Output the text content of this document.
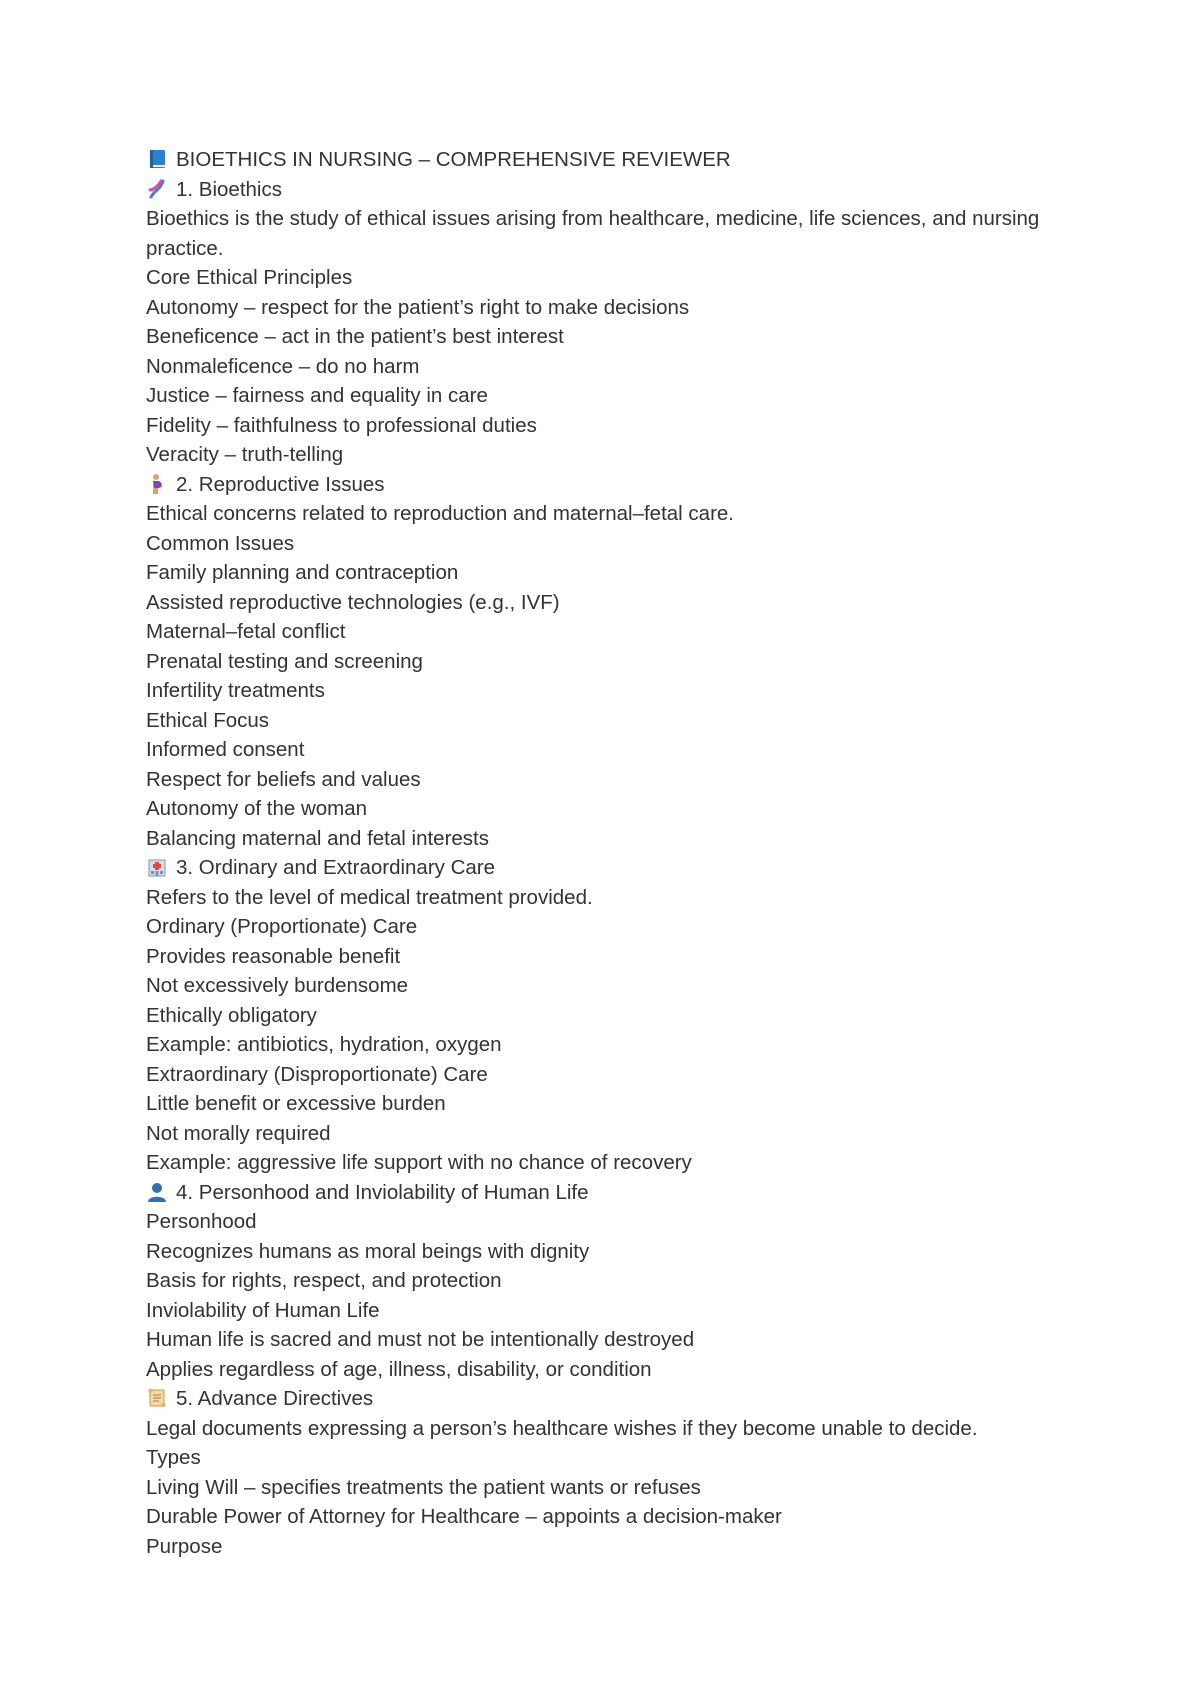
BIOETHICS IN NURSING – COMPREHENSIVE REVIEWER
1. Bioethics
Bioethics is the study of ethical issues arising from healthcare, medicine, life sciences, and nursing practice.
Core Ethical Principles
Autonomy – respect for the patient’s right to make decisions
Beneficence – act in the patient’s best interest
Nonmaleficence – do no harm
Justice – fairness and equality in care
Fidelity – faithfulness to professional duties
Veracity – truth-telling
2. Reproductive Issues
Ethical concerns related to reproduction and maternal–fetal care.
Common Issues
Family planning and contraception
Assisted reproductive technologies (e.g., IVF)
Maternal–fetal conflict
Prenatal testing and screening
Infertility treatments
Ethical Focus
Informed consent
Respect for beliefs and values
Autonomy of the woman
Balancing maternal and fetal interests
3. Ordinary and Extraordinary Care
Refers to the level of medical treatment provided.
Ordinary (Proportionate) Care
Provides reasonable benefit
Not excessively burdensome
Ethically obligatory
Example: antibiotics, hydration, oxygen
Extraordinary (Disproportionate) Care
Little benefit or excessive burden
Not morally required
Example: aggressive life support with no chance of recovery
4. Personhood and Inviolability of Human Life
Personhood
Recognizes humans as moral beings with dignity
Basis for rights, respect, and protection
Inviolability of Human Life
Human life is sacred and must not be intentionally destroyed
Applies regardless of age, illness, disability, or condition
5. Advance Directives
Legal documents expressing a person’s healthcare wishes if they become unable to decide.
Types
Living Will – specifies treatments the patient wants or refuses
Durable Power of Attorney for Healthcare – appoints a decision-maker
Purpose
